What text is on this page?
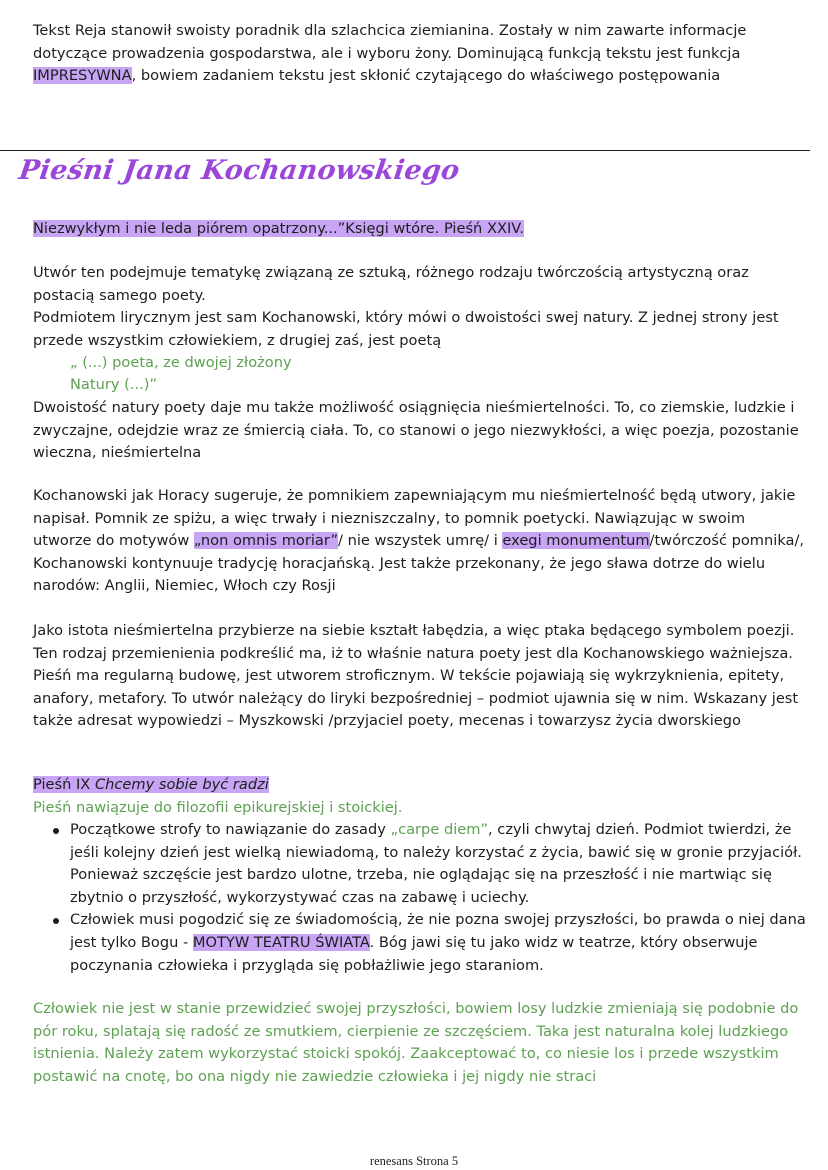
Tekst Reja stanowił swoisty poradnik dla szlachcica ziemianina. Zostały w nim zawarte informacje
dotyczące prowadzenia gospodarstwa, ale i wyboru żony. Dominującą funkcją tekstu jest funkcja
IMPRESYWNA, bowiem zadaniem tekstu jest skłonić czytającego do właściwego postępowania

Pieśni Jana Kochanowskiego

Niezwykłym i nie leda piórem opatrzony...”Księgi wtóre. Pieśń XXIV.

Utwór ten podejmuje tematykę związaną ze sztuką, różnego rodzaju twórczością artystyczną oraz postacią samego poety.

Podmiotem lirycznym jest sam Kochanowski, który mówi o dwoistości swej natury. Z jednej strony jest przede wszystkim człowiekiem, z drugiej zaś, jest poetą

„ (...) poeta, ze dwojej złożony
Natury (...)”

Dwoistość natury poety daje mu także możliwość osiągnięcia nieśmiertelności. To, co ziemskie, ludzkie i zwyczajne, odejdzie wraz ze śmiercią ciała. To, co stanowi o jego niezwykłości, a więc poezja, pozostanie wieczna, nieśmiertelna

Kochanowski jak Horacy sugeruje, że pomnikiem zapewniającym mu nieśmiertelność będą utwory, jakie napisał. Pomnik ze spiżu, a więc trwały i niezniszczalny, to pomnik poetycki. Nawiązując w swoim utworze do motywów „non omnis moriar”/ nie wszystek umrę/ i exegi monumentum/twórczość pomnika/, Kochanowski kontynuuje tradycję horacjańską. Jest także przekonany, że jego sława dotrze do wielu narodów: Anglii, Niemiec, Włoch czy Rosji

Jako istota nieśmiertelna przybierze na siebie kształt łabędzia, a więc ptaka będącego symbolem poezji. Ten rodzaj przemienienia podkreślić ma, iż to właśnie natura poety jest dla Kochanowskiego ważniejsza. Pieśń ma regularną budowę, jest utworem stroficznym. W tekście pojawiają się wykrzyknienia, epitety, anafory, metafory. To utwór należący do liryki bezpośredniej – podmiot ujawnia się w nim. Wskazany jest także adresat wypowiedzi – Myszkowski /przyjaciel poety, mecenas i towarzysz życia dworskiego

Pieśń IX Chcemy sobie być radzi

Pieśń nawiązuje do filozofii epikurejskiej i stoickiej.

Początkowe strofy to nawiązanie do zasady „carpe diem”, czyli chwytaj dzień. Podmiot twierdzi, że jeśli kolejny dzień jest wielką niewiadomą, to należy korzystać z życia, bawić się w gronie przyjaciół. Ponieważ szczęście jest bardzo ulotne, trzeba, nie oglądając się na przeszłość i nie martwiąc się zbytnio o przyszłość, wykorzystywać czas na zabawę i uciechy.
Człowiek musi pogodzić się ze świadomością, że nie pozna swojej przyszłości, bo prawda o niej dana jest tylko Bogu - MOTYW TEATRU ŚWIATA. Bóg jawi się tu jako widz w teatrze, który obserwuje poczynania człowieka i przygląda się pobłażliwie jego staraniom.

Człowiek nie jest w stanie przewidzieć swojej przyszłości, bowiem losy ludzkie zmieniają się podobnie do pór roku, splatają się radość ze smutkiem, cierpienie ze szczęściem. Taka jest naturalna kolej ludzkiego istnienia. Należy zatem wykorzystać stoicki spokój. Zaakceptować to, co niesie los i przede wszystkim postawić na cnotę, bo ona nigdy nie zawiedzie człowieka i jej nigdy nie straci

renesans Strona 5
